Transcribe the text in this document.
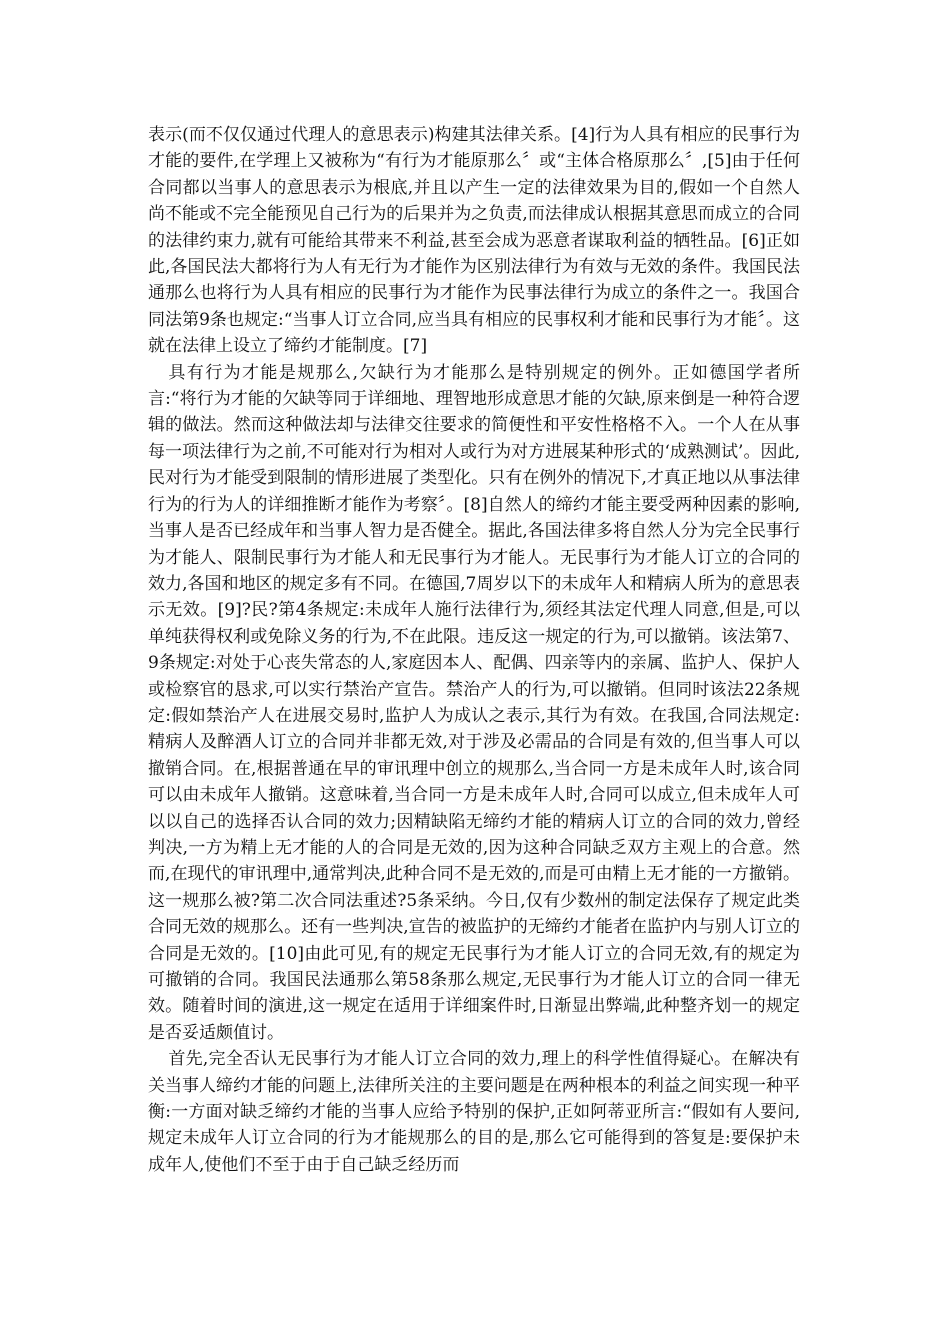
表示(而不仅仅通过代理人的意思表示)构建其法律关系。[4]行为人具有相应的民事行为才能的要件,在学理上又被称为“有行为才能原那么〞或“主体合格原那么〞,[5]由于任何合同都以当事人的意思表示为根底,并且以产生一定的法律效果为目的,假如一个自然人尚不能或不完全能预见自己行为的后果并为之负责,而法律成认根据其意思而成立的合同的法律约束力,就有可能给其带来不利益,甚至会成为恶意者谋取利益的牺牲品。[6]正如此,各国民法大都将行为人有无行为才能作为区别法律行为有效与无效的条件。我国民法通那么也将行为人具有相应的民事行为才能作为民事法律行为成立的条件之一。我国合同法第9条也规定:“当事人订立合同,应当具有相应的民事权利才能和民事行为才能〞。这就在法律上设立了缔约才能制度。[7]

具有行为才能是规那么,欠缺行为才能那么是特别规定的例外。正如德国学者所言:“将行为才能的欠缺等同于详细地、理智地形成意思才能的欠缺,原来倒是一种符合逻辑的做法。然而这种做法却与法律交往要求的简便性和平安性格格不入。一个人在从事每一项法律行为之前,不可能对行为相对人或行为对方进展某种形式的‘成熟测试’。因此,民对行为才能受到限制的情形进展了类型化。只有在例外的情况下,才真正地以从事法律行为的行为人的详细推断才能作为考察〞。[8]自然人的缔约才能主要受两种因素的影响,当事人是否已经成年和当事人智力是否健全。据此,各国法律多将自然人分为完全民事行为才能人、限制民事行为才能人和无民事行为才能人。无民事行为才能人订立的合同的效力,各国和地区的规定多有不同。在德国,7周岁以下的未成年人和精病人所为的意思表示无效。[9]?民?第4条规定:未成年人施行法律行为,须经其法定代理人同意,但是,可以单纯获得权利或免除义务的行为,不在此限。违反这一规定的行为,可以撤销。该法第7、9条规定:对处于心丧失常态的人,家庭因本人、配偶、四亲等内的亲属、监护人、保护人或检察官的恳求,可以实行禁治产宣告。禁治产人的行为,可以撤销。但同时该法22条规定:假如禁治产人在进展交易时,监护人为成认之表示,其行为有效。在我国,合同法规定:精病人及醉酒人订立的合同并非都无效,对于涉及必需品的合同是有效的,但当事人可以撤销合同。在,根据普通在早的审讯理中创立的规那么,当合同一方是未成年人时,该合同可以由未成年人撤销。这意味着,当合同一方是未成年人时,合同可以成立,但未成年人可以以自己的选择否认合同的效力;因精缺陷无缔约才能的精病人订立的合同的效力,曾经判决,一方为精上无才能的人的合同是无效的,因为这种合同缺乏双方主观上的合意。然而,在现代的审讯理中,通常判决,此种合同不是无效的,而是可由精上无才能的一方撤销。这一规那么被?第二次合同法重述?5条采纳。今日,仅有少数州的制定法保存了规定此类合同无效的规那么。还有一些判决,宣告的被监护的无缔约才能者在监护内与别人订立的合同是无效的。[10]由此可见,有的规定无民事行为才能人订立的合同无效,有的规定为可撤销的合同。我国民法通那么第58条那么规定,无民事行为才能人订立的合同一律无效。随着时间的演进,这一规定在适用于详细案件时,日渐显出弊端,此种整齐划一的规定是否妥适颇值讨。

首先,完全否认无民事行为才能人订立合同的效力,理上的科学性值得疑心。在解决有关当事人缔约才能的问题上,法律所关注的主要问题是在两种根本的利益之间实现一种平衡:一方面对缺乏缔约才能的当事人应给予特别的保护,正如阿蒂亚所言:“假如有人要问,规定未成年人订立合同的行为才能规那么的目的是,那么它可能得到的答复是:要保护未成年人,使他们不至于由于自己缺乏经历而
